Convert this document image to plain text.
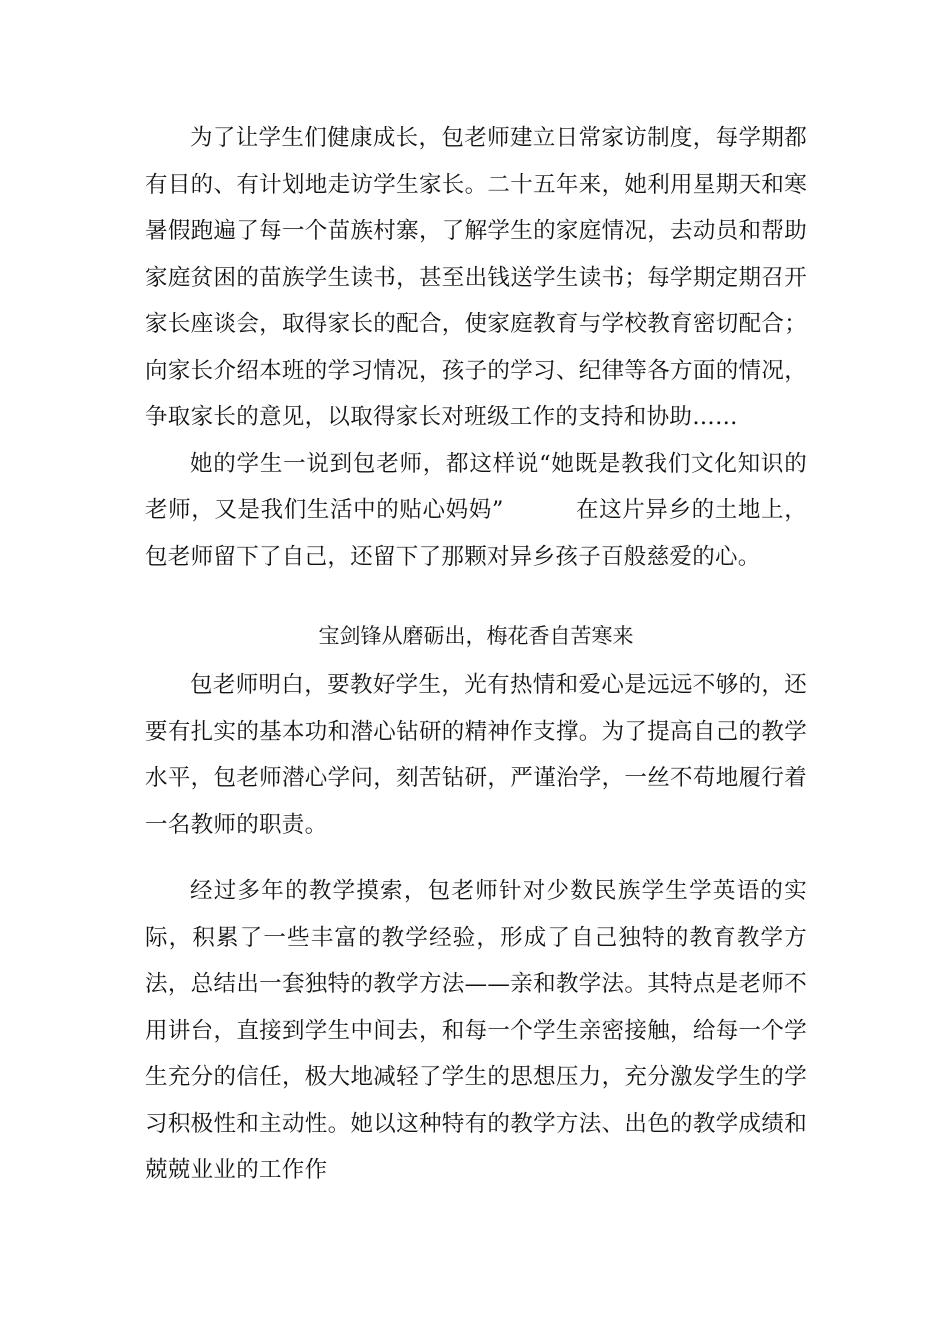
为了让学生们健康成长，包老师建立日常家访制度，每学期都有目的、有计划地走访学生家长。二十五年来，她利用星期天和寒暑假跑遍了每一个苗族村寨，了解学生的家庭情况，去动员和帮助家庭贫困的苗族学生读书，甚至出钱送学生读书；每学期定期召开家长座谈会，取得家长的配合，使家庭教育与学校教育密切配合；向家长介绍本班的学习情况，孩子的学习、纪律等各方面的情况，争取家长的意见，以取得家长对班级工作的支持和协助……

她的学生一说到包老师，都这样说“她既是教我们文化知识的老师，又是我们生活中的贴心妈妈”	在这片异乡的土地上，包老师留下了自己，还留下了那颗对异乡孩子百般慈爱的心。

宝剑锋从磨砺出，梅花香自苦寒来

包老师明白，要教好学生，光有热情和爱心是远远不够的，还要有扎实的基本功和潜心钻研的精神作支撑。为了提高自己的教学水平，包老师潜心学问，刻苦钻研，严谨治学，一丝不苟地履行着一名教师的职责。

经过多年的教学摸索，包老师针对少数民族学生学英语的实际，积累了一些丰富的教学经验，形成了自己独特的教育教学方法，总结出一套独特的教学方法——亲和教学法。其特点是老师不用讲台，直接到学生中间去，和每一个学生亲密接触，给每一个学生充分的信任，极大地减轻了学生的思想压力，充分激发学生的学习积极性和主动性。她以这种特有的教学方法、出色的教学成绩和兢兢业业的工作作
